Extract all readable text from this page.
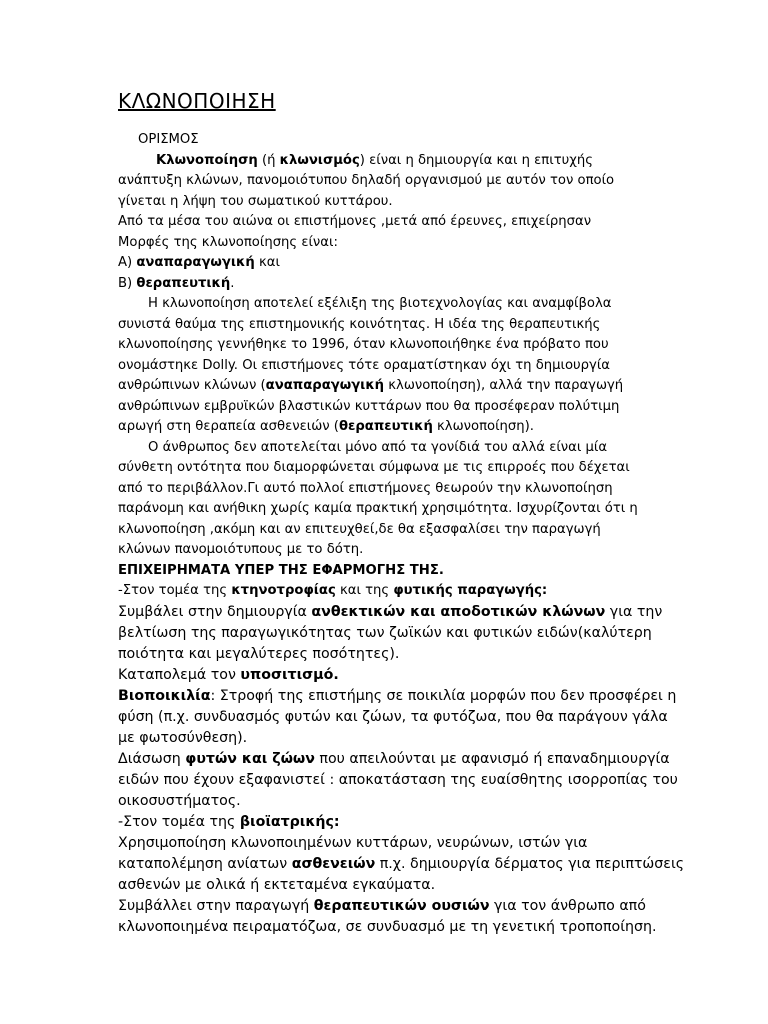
ΚΛΩΝΟΠΟΙΗΣΗ
ΟΡΙΣΜΟΣ
Κλωνοποίηση (ή κλωνισμός) είναι η δημιουργία και η επιτυχής
ανάπτυξη κλώνων, πανομοιότυπου δηλαδή οργανισμού με αυτόν τον οποίο
γίνεται η λήψη του σωματικού κυττάρου.
Από τα μέσα του αιώνα οι επιστήμονες ,μετά από έρευνες, επιχείρησαν
Μορφές της κλωνοποίησης είναι:
Α) αναπαραγωγική και
Β) θεραπευτική.
Η κλωνοποίηση αποτελεί εξέλιξη της βιοτεχνολογίας και αναμφίβολα
συνιστά θαύμα της επιστημονικής κοινότητας. Η ιδέα της θεραπευτικής
κλωνοποίησης γεννήθηκε το 1996, όταν κλωνοποιήθηκε ένα πρόβατο που
ονομάστηκε Dolly. Οι επιστήμονες τότε οραματίστηκαν όχι τη δημιουργία
ανθρώπινων κλώνων (αναπαραγωγική κλωνοποίηση), αλλά την παραγωγή
ανθρώπινων εμβρυϊκών βλαστικών κυττάρων που θα προσέφεραν πολύτιμη
αρωγή στη θεραπεία ασθενειών (θεραπευτική κλωνοποίηση).
Ο άνθρωπος δεν αποτελείται μόνο από τα γονίδιά του αλλά είναι μία
σύνθετη οντότητα που διαμορφώνεται σύμφωνα με τις επιρροές που δέχεται
από το περιβάλλον.Γι αυτό πολλοί επιστήμονες θεωρούν την κλωνοποίηση
παράνομη και ανήθικη χωρίς καμία πρακτική χρησιμότητα. Ισχυρίζονται ότι η
κλωνοποίηση ,ακόμη και αν επιτευχθεί,δε θα εξασφαλίσει την παραγωγή
κλώνων πανομοιότυπους με το δότη.
ΕΠΙΧΕΙΡΗΜΑΤΑ ΥΠΕΡ ΤΗΣ ΕΦΑΡΜΟΓΗΣ ΤΗΣ.
-Στον τομέα της κτηνοτροφίας και της φυτικής παραγωγής:
Συμβάλει στην δημιουργία ανθεκτικών και αποδοτικών κλώνων για την
βελτίωση της παραγωγικότητας των ζωϊκών και φυτικών ειδών(καλύτερη
ποιότητα και μεγαλύτερες ποσότητες).
Καταπολεμά τον υποσιτισμό.
Βιοποικιλία: Στροφή της επιστήμης σε ποικιλία μορφών που δεν προσφέρει η
φύση (π.χ. συνδυασμός φυτών και ζώων, τα φυτόζωα, που θα παράγουν γάλα
με φωτοσύνθεση).
Διάσωση φυτών και ζώων που απειλούνται με αφανισμό ή επαναδημιουργία
ειδών που έχουν εξαφανιστεί : αποκατάσταση της ευαίσθητης ισορροπίας του
οικοσυστήματος.
-Στον τομέα της βιοϊατρικής:
Χρησιμοποίηση κλωνοποιημένων κυττάρων, νευρώνων, ιστών για
καταπολέμηση ανίατων ασθενειών π.χ. δημιουργία δέρματος για περιπτώσεις
ασθενών με ολικά ή εκτεταμένα εγκαύματα.
Συμβάλλει στην παραγωγή θεραπευτικών ουσιών για τον άνθρωπο από
κλωνοποιημένα πειραματόζωα, σε συνδυασμό με τη γενετική τροποποίηση.
